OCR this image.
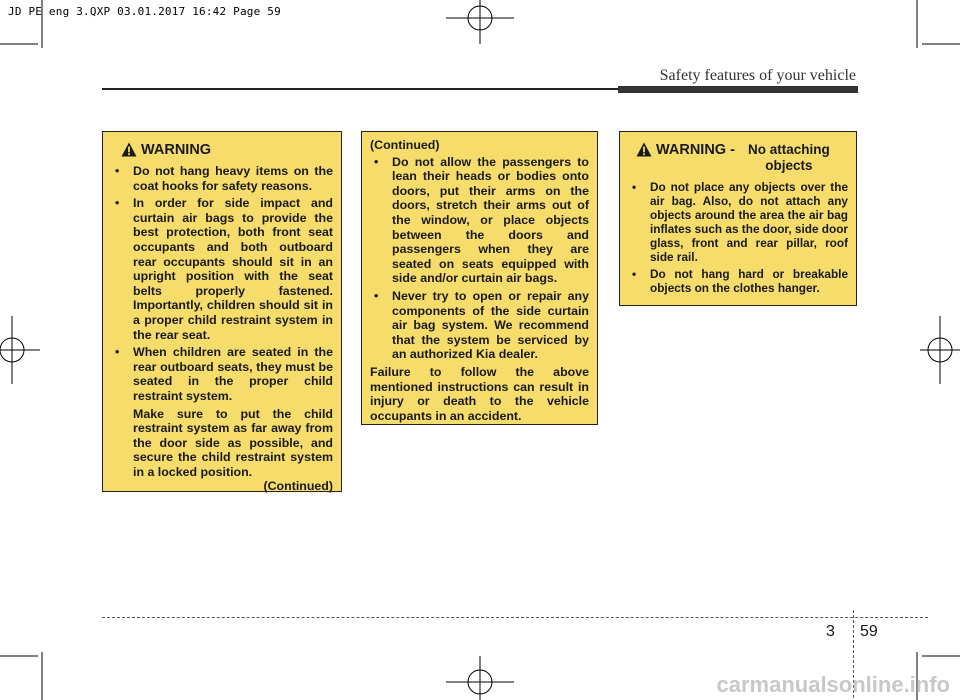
JD PE eng 3.QXP 03.01.2017 16:42 Page 59
Safety features of your vehicle
WARNING
• Do not hang heavy items on the coat hooks for safety reasons.
• In order for side impact and curtain air bags to provide the best protection, both front seat occupants and both outboard rear occupants should sit in an upright position with the seat belts properly fastened. Importantly, children should sit in a proper child restraint system in the rear seat.
• When children are seated in the rear outboard seats, they must be seated in the proper child restraint system.

Make sure to put the child restraint system as far away from the door side as possible, and secure the child restraint system in a locked position.

(Continued)

(Continued)

• Do not allow the passengers to lean their heads or bodies onto doors, put their arms on the doors, stretch their arms out of the window, or place objects between the doors and passengers when they are seated on seats equipped with side and/or curtain air bags.
• Never try to open or repair any components of the side curtain air bag system. We recommend that the system be serviced by an authorized Kia dealer.

Failure to follow the above mentioned instructions can result in injury or death to the vehicle occupants in an accident.

WARNING - No attaching objects
• Do not place any objects over the air bag. Also, do not attach any objects around the area the air bag inflates such as the door, side door glass, front and rear pillar, roof side rail.
• Do not hang hard or breakable objects on the clothes hanger.
3 59
carmanualsonline.info
